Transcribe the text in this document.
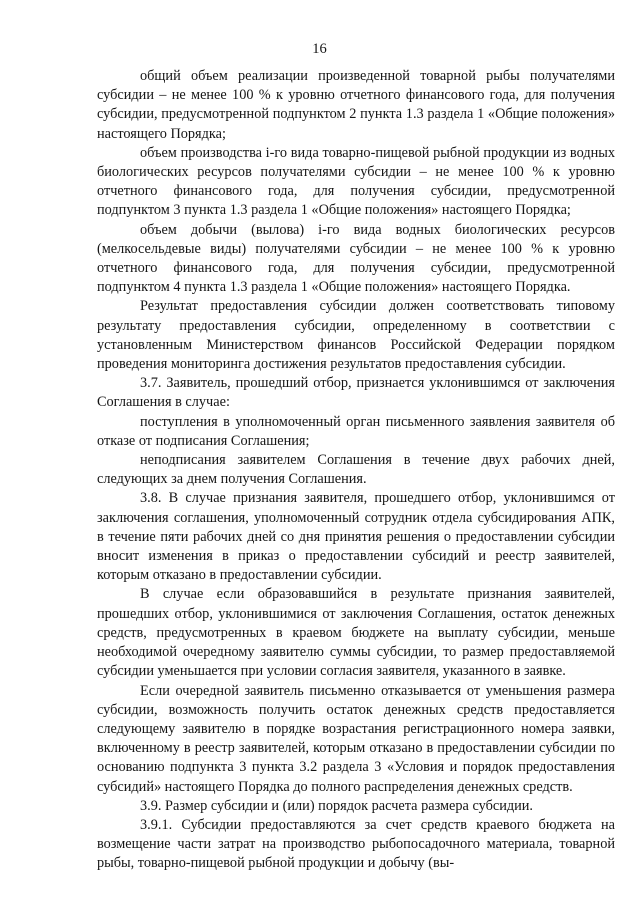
16

общий объем реализации произведенной товарной рыбы получателями субсидии – не менее 100 % к уровню отчетного финансового года, для получения субсидии, предусмотренной подпунктом 2 пункта 1.3 раздела 1 «Общие положения» настоящего Порядка;

объем производства i-го вида товарно-пищевой рыбной продукции из водных биологических ресурсов получателями субсидии – не менее 100 % к уровню отчетного финансового года, для получения субсидии, предусмотренной подпунктом 3 пункта 1.3 раздела 1 «Общие положения» настоящего Порядка;

объем добычи (вылова) i-го вида водных биологических ресурсов (мелкосельдевые виды) получателями субсидии – не менее 100 % к уровню отчетного финансового года, для получения субсидии, предусмотренной подпунктом 4 пункта 1.3 раздела 1 «Общие положения» настоящего Порядка.

Результат предоставления субсидии должен соответствовать типовому результату предоставления субсидии, определенному в соответствии с установленным Министерством финансов Российской Федерации порядком проведения мониторинга достижения результатов предоставления субсидии.

3.7. Заявитель, прошедший отбор, признается уклонившимся от заключения Соглашения в случае:

поступления в уполномоченный орган письменного заявления заявителя об отказе от подписания Соглашения;

неподписания заявителем Соглашения в течение двух рабочих дней, следующих за днем получения Соглашения.

3.8. В случае признания заявителя, прошедшего отбор, уклонившимся от заключения соглашения, уполномоченный сотрудник отдела субсидирования АПК, в течение пяти рабочих дней со дня принятия решения о предоставлении субсидии вносит изменения в приказ о предоставлении субсидий и реестр заявителей, которым отказано в предоставлении субсидии.

В случае если образовавшийся в результате признания заявителей, прошедших отбор, уклонившимися от заключения Соглашения, остаток денежных средств, предусмотренных в краевом бюджете на выплату субсидии, меньше необходимой очередному заявителю суммы субсидии, то размер предоставляемой субсидии уменьшается при условии согласия заявителя, указанного в заявке.

Если очередной заявитель письменно отказывается от уменьшения размера субсидии, возможность получить остаток денежных средств предоставляется следующему заявителю в порядке возрастания регистрационного номера заявки, включенному в реестр заявителей, которым отказано в предоставлении субсидии по основанию подпункта 3 пункта 3.2 раздела 3 «Условия и порядок предоставления субсидий» настоящего Порядка до полного распределения денежных средств.

3.9. Размер субсидии и (или) порядок расчета размера субсидии.

3.9.1. Субсидии предоставляются за счет средств краевого бюджета на возмещение части затрат на производство рыбопосадочного материала, товарной рыбы, товарно-пищевой рыбной продукции и добычу (вы-
